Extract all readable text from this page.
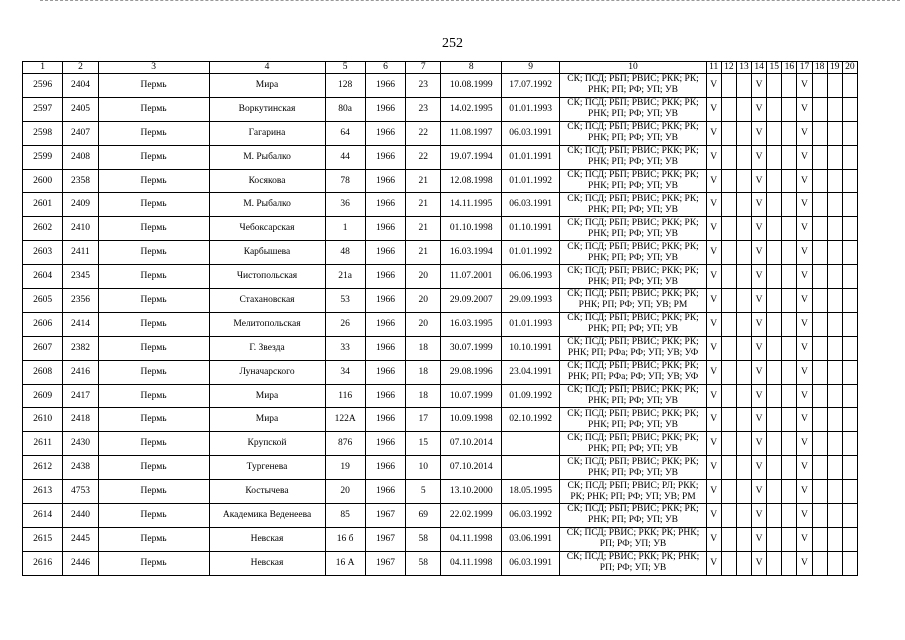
252
1	2	3	4	5	6	7	8	9	10	11	12	13	14	15	16	17	18	19	20
2596	2404	Пермь	Мира	128	1966	23	10.08.1999	17.07.1992	СК; ПСД; РБП; РВИС; РКК; РК; РНК; РП; РФ; УП; УВ	V			V			V			
2597	2405	Пермь	Воркутинская	80а	1966	23	14.02.1995	01.01.1993	СК; ПСД; РБП; РВИС; РКК; РК; РНК; РП; РФ; УП; УВ	V			V			V			
2598	2407	Пермь	Гагарина	64	1966	22	11.08.1997	06.03.1991	СК; ПСД; РБП; РВИС; РКК; РК; РНК; РП; РФ; УП; УВ	V			V			V			
2599	2408	Пермь	М. Рыбалко	44	1966	22	19.07.1994	01.01.1991	СК; ПСД; РБП; РВИС; РКК; РК; РНК; РП; РФ; УП; УВ	V			V			V			
2600	2358	Пермь	Косякова	78	1966	21	12.08.1998	01.01.1992	СК; ПСД; РБП; РВИС; РКК; РК; РНК; РП; РФ; УП; УВ	V			V			V			
2601	2409	Пермь	М. Рыбалко	36	1966	21	14.11.1995	06.03.1991	СК; ПСД; РБП; РВИС; РКК; РК; РНК; РП; РФ; УП; УВ	V			V			V			
2602	2410	Пермь	Чебоксарская	1	1966	21	01.10.1998	01.10.1991	СК; ПСД; РБП; РВИС; РКК; РК; РНК; РП; РФ; УП; УВ	V			V			V			
2603	2411	Пермь	Карбышева	48	1966	21	16.03.1994	01.01.1992	СК; ПСД; РБП; РВИС; РКК; РК; РНК; РП; РФ; УП; УВ	V			V			V			
2604	2345	Пермь	Чистопольская	21а	1966	20	11.07.2001	06.06.1993	СК; ПСД; РБП; РВИС; РКК; РК; РНК; РП; РФ; УП; УВ	V			V			V			
2605	2356	Пермь	Стахановская	53	1966	20	29.09.2007	29.09.1993	СК; ПСД; РБП; РВИС; РКК; РК; РНК; РП; РФ; УП; УВ; РМ	V			V			V			
2606	2414	Пермь	Мелитопольская	26	1966	20	16.03.1995	01.01.1993	СК; ПСД; РБП; РВИС; РКК; РК; РНК; РП; РФ; УП; УВ	V			V			V			
2607	2382	Пермь	Г. Звезда	33	1966	18	30.07.1999	10.10.1991	СК; ПСД; РБП; РВИС; РКК; РК; РНК; РП; РФа; РФ; УП; УВ; УФ	V			V			V			
2608	2416	Пермь	Луначарского	34	1966	18	29.08.1996	23.04.1991	СК; ПСД; РБП; РВИС; РКК; РК; РНК; РП; РФа; РФ; УП; УВ; УФ	V			V			V			
2609	2417	Пермь	Мира	116	1966	18	10.07.1999	01.09.1992	СК; ПСД; РБП; РВИС; РКК; РК; РНК; РП; РФ; УП; УВ	V			V			V			
2610	2418	Пермь	Мира	122А	1966	17	10.09.1998	02.10.1992	СК; ПСД; РБП; РВИС; РКК; РК; РНК; РП; РФ; УП; УВ	V			V			V			
2611	2430	Пермь	Крупской	876	1966	15	07.10.2014		СК; ПСД; РБП; РВИС; РКК; РК; РНК; РП; РФ; УП; УВ	V			V			V			
2612	2438	Пермь	Тургенева	19	1966	10	07.10.2014		СК; ПСД; РБП; РВИС; РКК; РК; РНК; РП; РФ; УП; УВ	V			V			V			
2613	4753	Пермь	Костычева	20	1966	5	13.10.2000	18.05.1995	СК; ПСД; РБП; РВИС; РЛ; РКК; РК; РНК; РП; РФ; УП; УВ; РМ	V			V			V			
2614	2440	Пермь	Академика Веденеева	85	1967	69	22.02.1999	06.03.1992	СК; ПСД; РБП; РВИС; РКК; РК; РНК; РП; РФ; УП; УВ	V			V			V			
2615	2445	Пермь	Невская	16 б	1967	58	04.11.1998	03.06.1991	СК; ПСД; РВИС; РКК; РК; РНК; РП; РФ; УП; УВ	V			V			V			
2616	2446	Пермь	Невская	16 А	1967	58	04.11.1998	06.03.1991	СК; ПСД; РВИС; РКК; РК; РНК; РП; РФ; УП; УВ	V			V			V			
